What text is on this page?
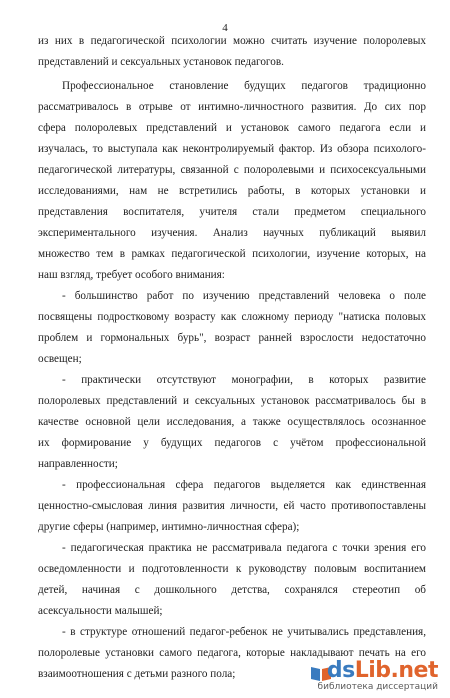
4
из них в педагогической психологии можно считать изучение полоролевых
представлений и сексуальных установок педагогов.
Профессиональное становление будущих педагогов традиционно
рассматривалось в отрыве от интимно-личностного развития. До сих пор
сфера полоролевых представлений и установок самого педагога если и
изучалась, то выступала как неконтролируемый фактор. Из обзора психолого-
педагогической литературы, связанной с полоролевыми и психосексуальными
исследованиями, нам не встретились работы, в которых установки и
представления воспитателя, учителя стали предметом специального
экспериментального изучения. Анализ научных публикаций выявил
множество тем в рамках педагогической психологии, изучение которых, на
наш взгляд, требует особого внимания:
- большинство работ по изучению представлений человека о поле
посвящены подростковому возрасту как сложному периоду "натиска половых
проблем и гормональных бурь", возраст ранней взрослости недостаточно
освещен;
- практически отсутствуют монографии, в которых развитие
полоролевых представлений и сексуальных установок рассматривалось бы в
качестве основной цели исследования, а также осуществлялось осознанное
их формирование у будущих педагогов с учётом профессиональной
направленности;
- профессиональная сфера педагогов выделяется как единственная
ценностно-смысловая линия развития личности, ей часто противопоставлены
другие сферы (например, интимно-личностная сфера);
- педагогическая практика не рассматривала педагога с точки зрения его
осведомленности и подготовленности к руководству половым воспитанием
детей, начиная с дошкольного детства, сохранялся стереотип об
асексуальности малышей;
- в структуре отношений педагог-ребенок не учитывались представления,
полоролевые установки самого педагога, которые накладывают печать на его
взаимоотношения с детьми разного пола;	dsLib.net
библиотека диссертаций
